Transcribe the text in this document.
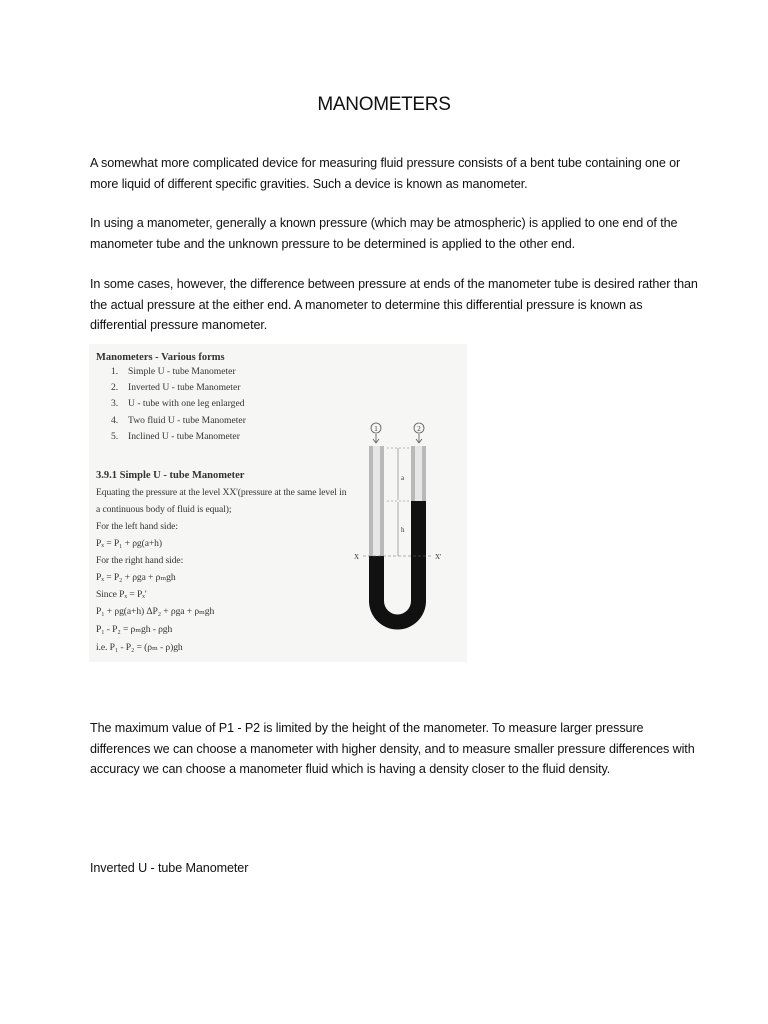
MANOMETERS

A somewhat more complicated device for measuring fluid pressure consists of a bent tube containing one or more liquid of different specific gravities. Such a device is known as manometer.

In using a manometer, generally a known pressure (which may be atmospheric) is applied to one end of the manometer tube and the unknown pressure to be determined is applied to the other end.

In some cases, however, the difference between pressure at ends of the manometer tube is desired rather than the actual pressure at the either end. A manometer to determine this differential pressure is known as differential pressure manometer.

Manometers - Various forms
1. Simple U - tube Manometer
2. Inverted U - tube Manometer
3. U - tube with one leg enlarged
4. Two fluid U - tube Manometer
5. Inclined U - tube Manometer
3.9.1 Simple U - tube Manometer
Equating the pressure at the level XX'(pressure at the same level in
a continuous body of fluid is equal);
For the left hand side:
Pₓ = P₁ + ρg(a+h)
For the right hand side:
Pₓ = P₂ + ρga + ρₘgh
Since Pₓ = Pₓ'
P₁ + ρg(a+h) ΔP₂ + ρga + ρₘgh
P₁ - P₂ = ρₘgh - ρgh
i.e. P₁ - P₂ = (ρₘ - ρ)gh
1	2
a
h
X	X'

The maximum value of P1 - P2 is limited by the height of the manometer. To measure larger pressure differences we can choose a manometer with higher density, and to measure smaller pressure differences with accuracy we can choose a manometer fluid which is having a density closer to the fluid density.

Inverted U - tube Manometer
